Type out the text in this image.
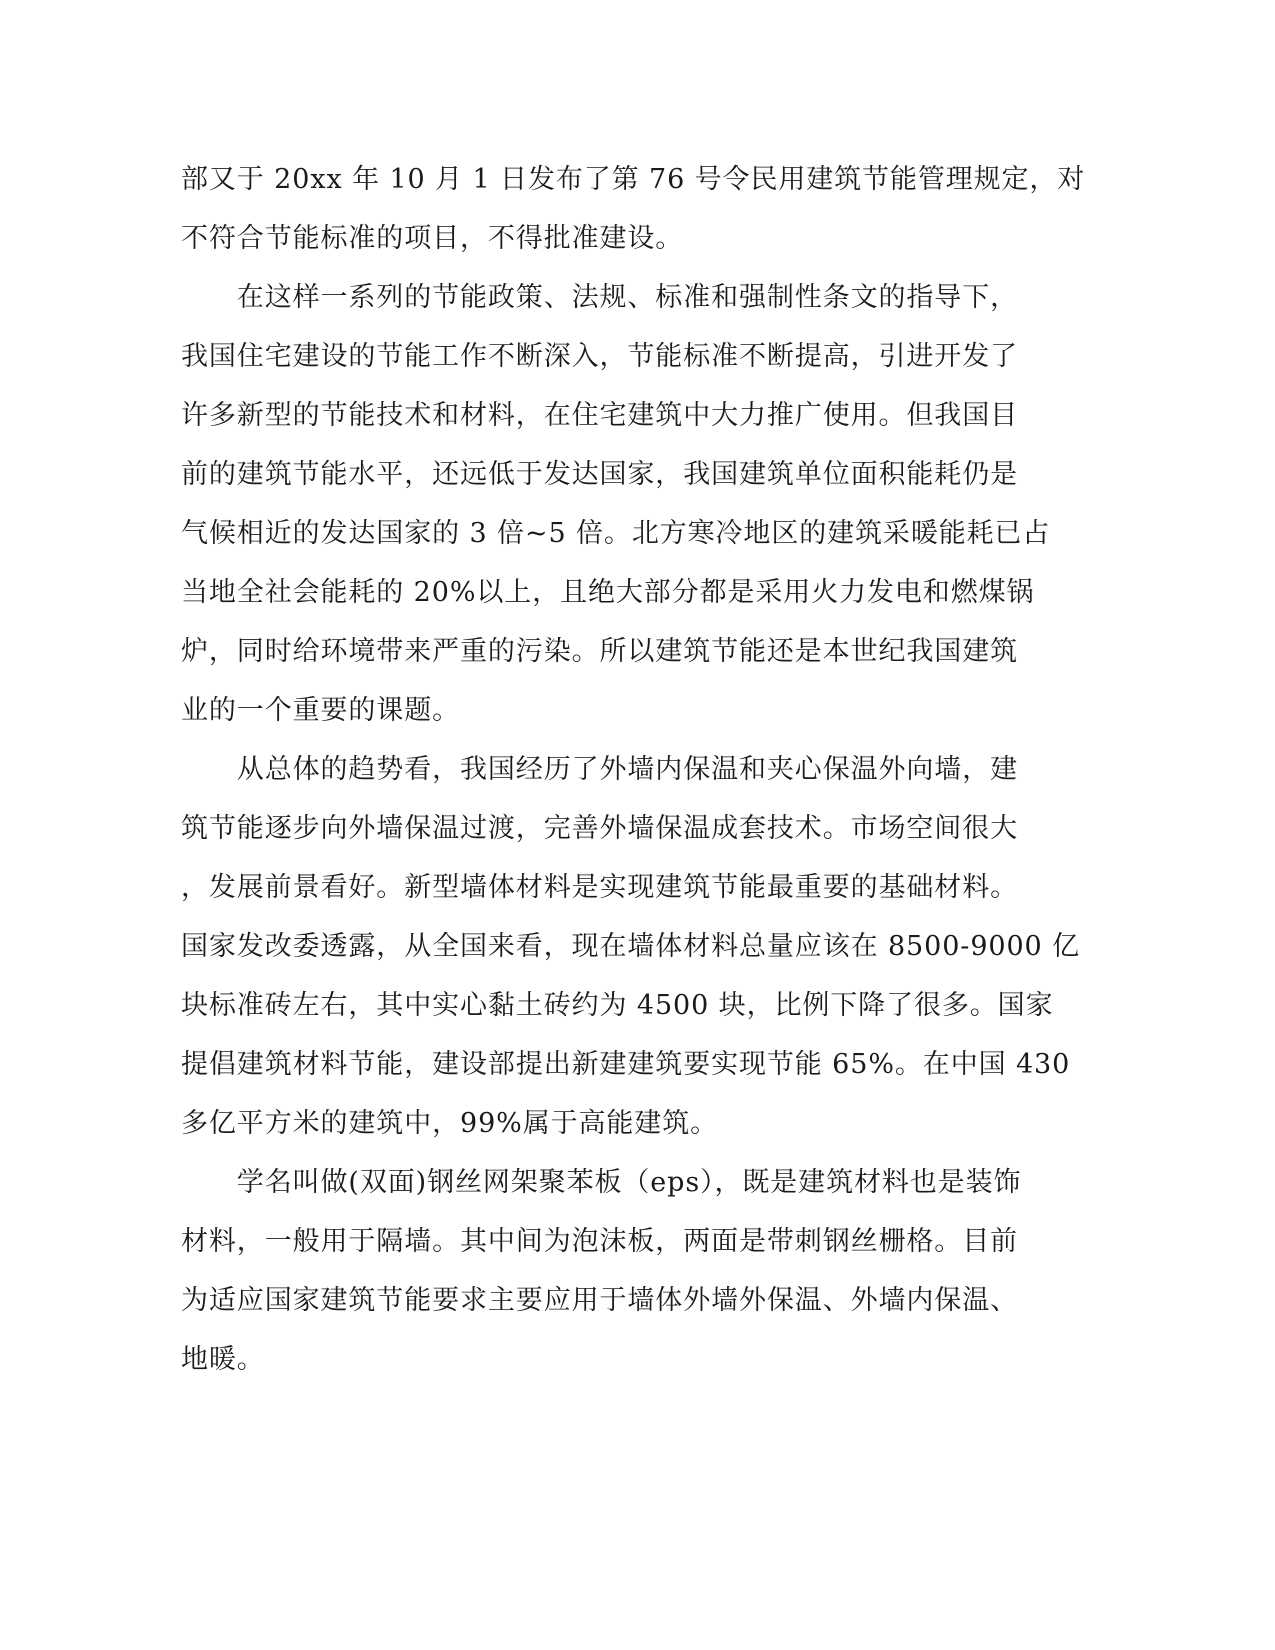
部又于 20xx 年 10 月 1 日发布了第 76 号令民用建筑节能管理规定，对
不符合节能标准的项目，不得批准建设。
　　在这样一系列的节能政策、法规、标准和强制性条文的指导下，
我国住宅建设的节能工作不断深入，节能标准不断提高，引进开发了
许多新型的节能技术和材料，在住宅建筑中大力推广使用。但我国目
前的建筑节能水平，还远低于发达国家，我国建筑单位面积能耗仍是
气候相近的发达国家的 3 倍~5 倍。北方寒冷地区的建筑采暖能耗已占
当地全社会能耗的 20%以上，且绝大部分都是采用火力发电和燃煤锅
炉，同时给环境带来严重的污染。所以建筑节能还是本世纪我国建筑
业的一个重要的课题。
　　从总体的趋势看，我国经历了外墙内保温和夹心保温外向墙，建
筑节能逐步向外墙保温过渡，完善外墙保温成套技术。市场空间很大
，发展前景看好。新型墙体材料是实现建筑节能最重要的基础材料。
国家发改委透露，从全国来看，现在墙体材料总量应该在 8500-9000 亿
块标准砖左右，其中实心黏土砖约为 4500 块，比例下降了很多。国家
提倡建筑材料节能，建设部提出新建建筑要实现节能 65%。在中国 430
多亿平方米的建筑中，99%属于高能建筑。
　　学名叫做(双面)钢丝网架聚苯板（eps），既是建筑材料也是装饰
材料，一般用于隔墙。其中间为泡沫板，两面是带刺钢丝栅格。目前
为适应国家建筑节能要求主要应用于墙体外墙外保温、外墙内保温、
地暖。
